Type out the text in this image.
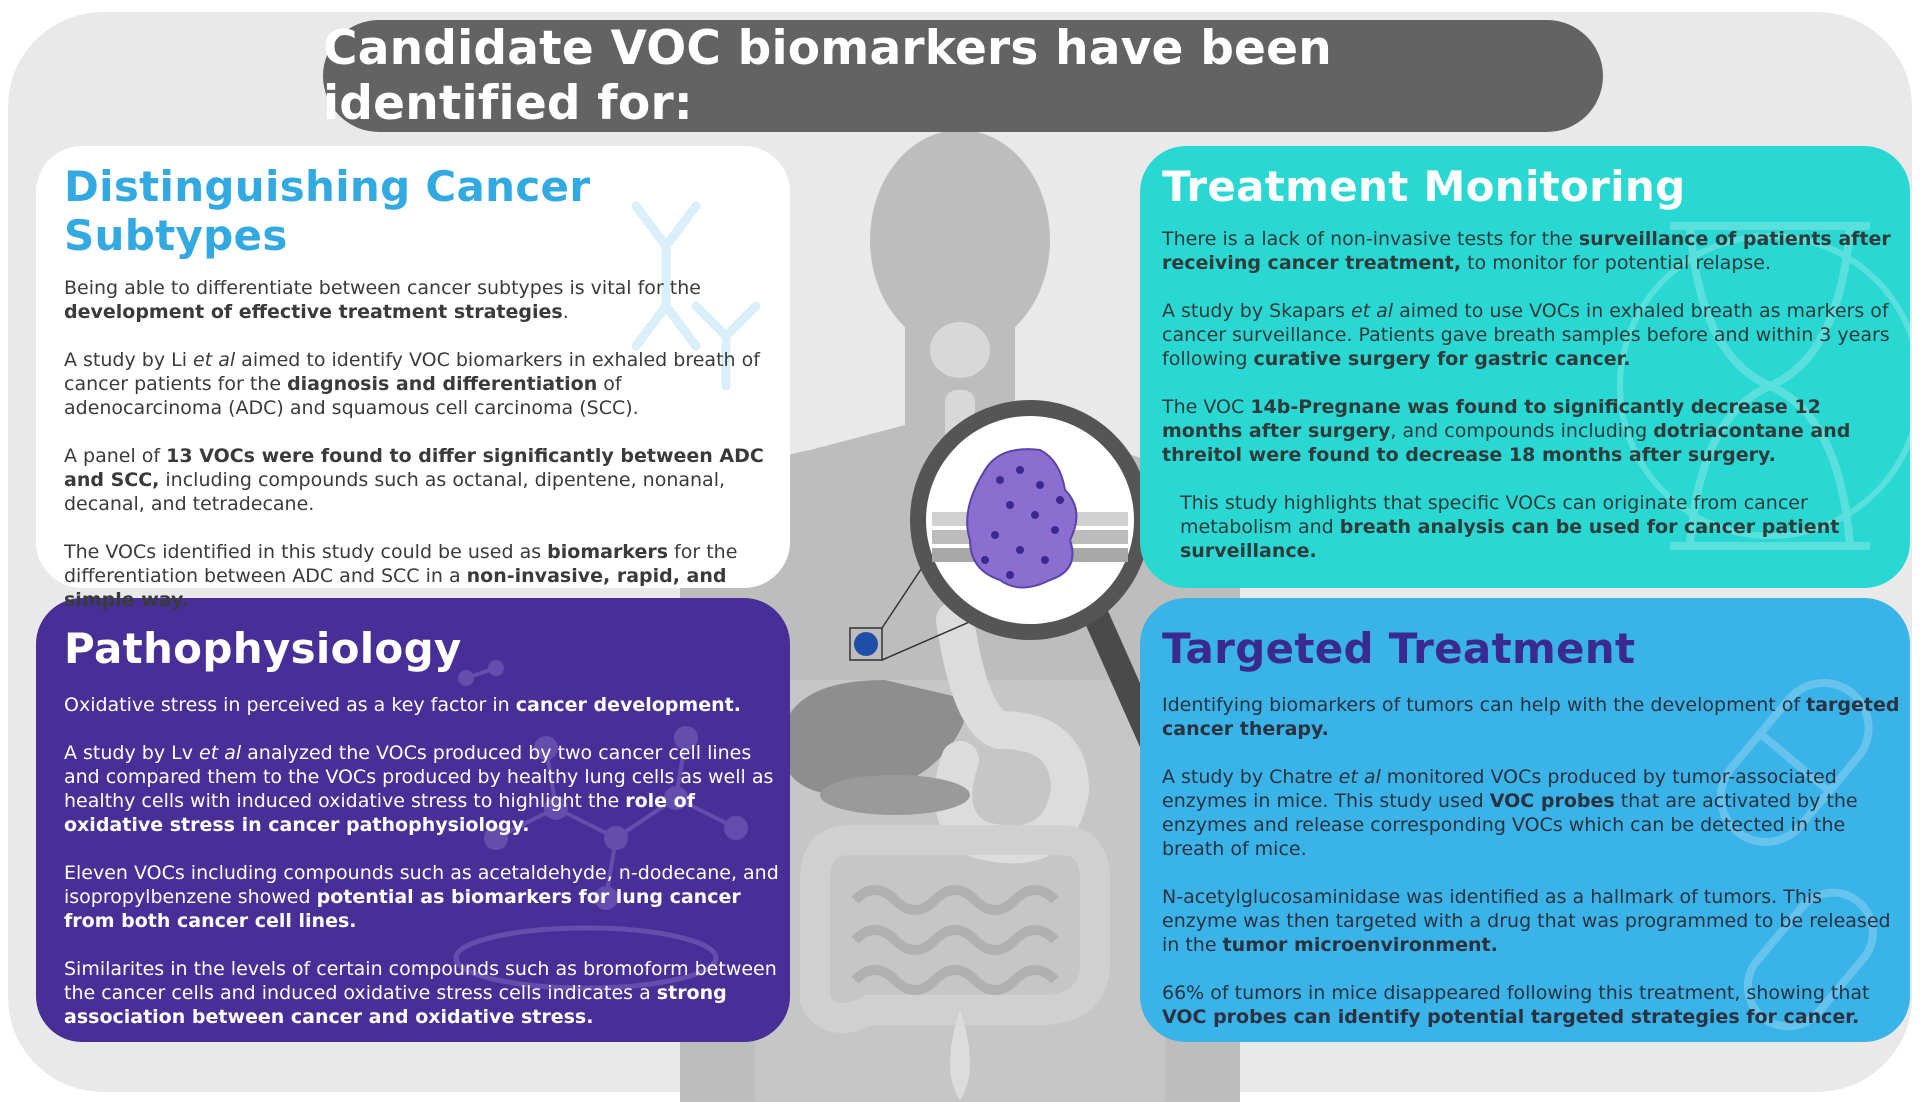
Candidate VOC biomarkers have been identified for:
Distinguishing Cancer Subtypes

Being able to differentiate between cancer subtypes is vital for the development of effective treatment strategies.

A study by Li et al aimed to identify VOC biomarkers in exhaled breath of cancer patients for the diagnosis and differentiation of adenocarcinoma (ADC) and squamous cell carcinoma (SCC).

A panel of 13 VOCs were found to differ significantly between ADC and SCC, including compounds such as octanal, dipentene, nonanal, decanal, and tetradecane.

The VOCs identified in this study could be used as biomarkers for the differentiation between ADC and SCC in a non-invasive, rapid, and simple way.

Treatment Monitoring

There is a lack of non-invasive tests for the surveillance of patients after receiving cancer treatment, to monitor for potential relapse.

A study by Skapars et al aimed to use VOCs in exhaled breath as markers of cancer surveillance. Patients gave breath samples before and within 3 years following curative surgery for gastric cancer.

The VOC 14b-Pregnane was found to significantly decrease 12 months after surgery, and compounds including dotriacontane and threitol were found to decrease 18 months after surgery.

This study highlights that specific VOCs can originate from cancer metabolism and breath analysis can be used for cancer patient surveillance.

Pathophysiology

Oxidative stress in perceived as a key factor in cancer development.

A study by Lv et al analyzed the VOCs produced by two cancer cell lines and compared them to the VOCs produced by healthy lung cells as well as healthy cells with induced oxidative stress to highlight the role of oxidative stress in cancer pathophysiology.

Eleven VOCs including compounds such as acetaldehyde, n-dodecane, and isopropylbenzene showed potential as biomarkers for lung cancer from both cancer cell lines.

Similarites in the levels of certain compounds such as bromoform between the cancer cells and induced oxidative stress cells indicates a strong association between cancer and oxidative stress.

Targeted Treatment

Identifying biomarkers of tumors can help with the development of targeted cancer therapy.

A study by Chatre et al monitored VOCs produced by tumor-associated enzymes in mice. This study used VOC probes that are activated by the enzymes and release corresponding VOCs which can be detected in the breath of mice.

N-acetylglucosaminidase was identified as a hallmark of tumors. This enzyme was then targeted with a drug that was programmed to be released in the tumor microenvironment.

66% of tumors in mice disappeared following this treatment, showing that VOC probes can identify potential targeted strategies for cancer.
